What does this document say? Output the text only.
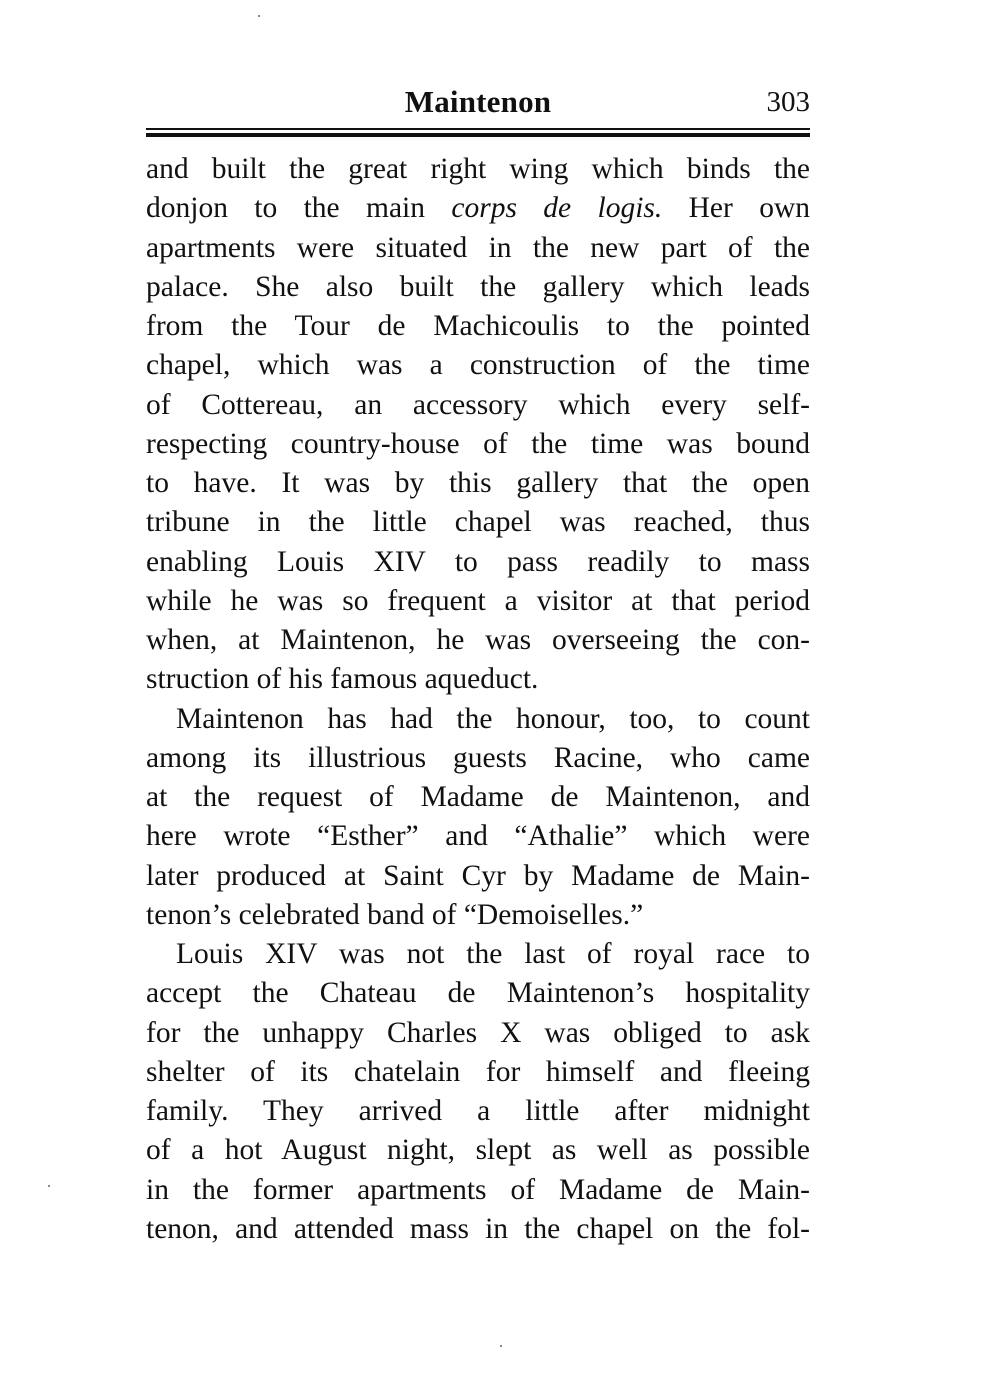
Maintenon	303
and built the great right wing which binds the
donjon to the main corps de logis. Her own
apartments were situated in the new part of the
palace. She also built the gallery which leads
from the Tour de Machicoulis to the pointed
chapel, which was a construction of the time
of Cottereau, an accessory which every self-
respecting country-house of the time was bound
to have. It was by this gallery that the open
tribune in the little chapel was reached, thus
enabling Louis XIV to pass readily to mass
while he was so frequent a visitor at that period
when, at Maintenon, he was overseeing the con-
struction of his famous aqueduct.
Maintenon has had the honour, too, to count
among its illustrious guests Racine, who came
at the request of Madame de Maintenon, and
here wrote “Esther” and “Athalie” which were
later produced at Saint Cyr by Madame de Main-
tenon’s celebrated band of “Demoiselles.”
Louis XIV was not the last of royal race to
accept the Chateau de Maintenon’s hospitality
for the unhappy Charles X was obliged to ask
shelter of its chatelain for himself and fleeing
family. They arrived a little after midnight
of a hot August night, slept as well as possible
in the former apartments of Madame de Main-
tenon, and attended mass in the chapel on the fol-
